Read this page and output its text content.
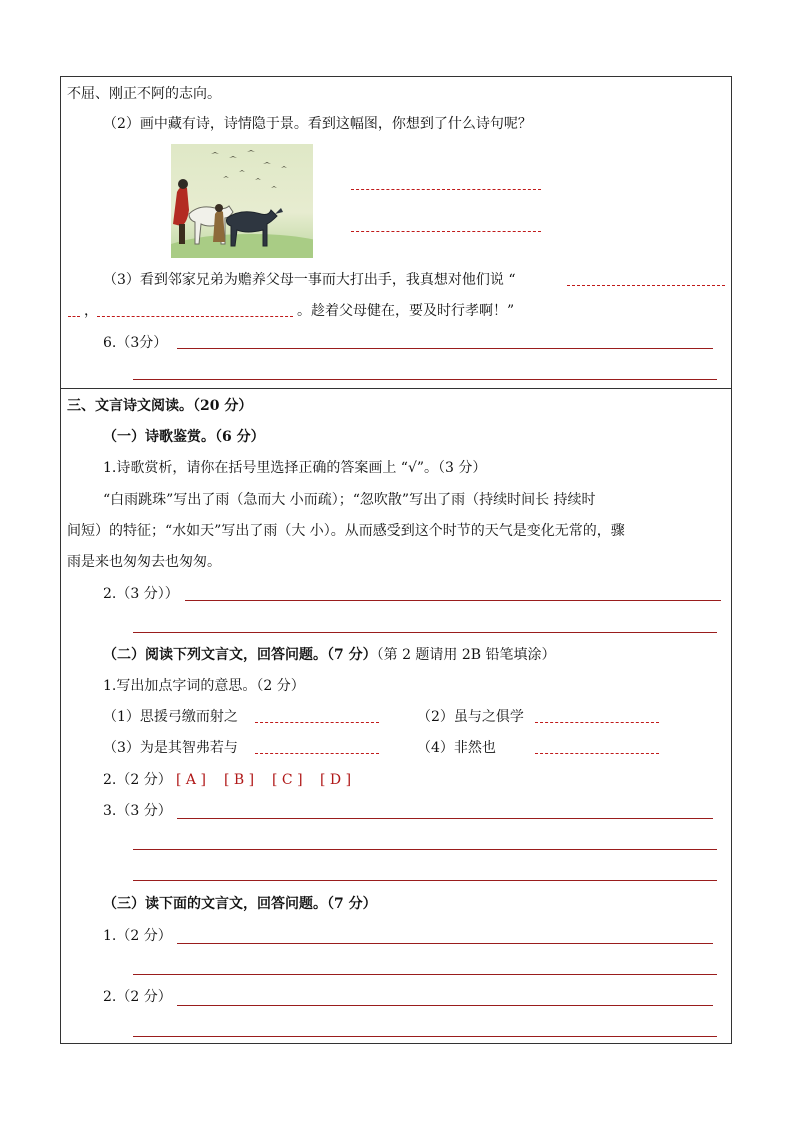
不屈、刚正不阿的志向。
（2）画中藏有诗，诗情隐于景。看到这幅图，你想到了什么诗句呢？
（3）看到邻家兄弟为赡养父母一事而大打出手，我真想对他们说 “
，	。趁着父母健在，要及时行孝啊！”
6.（3分）
三、文言诗文阅读。（20 分）
（一）诗歌鉴赏。（6 分）
1.诗歌赏析，请你在括号里选择正确的答案画上 “√”。（3 分）
“白雨跳珠”写出了雨（急而大 小而疏）；“忽吹散”写出了雨（持续时间长 持续时
间短）的特征；“水如天”写出了雨（大 小）。从而感受到这个时节的天气是变化无常的，骤
雨是来也匆匆去也匆匆。
2.（3 分））
（二）阅读下列文言文，回答问题。（7 分）（第 2 题请用 2B 铅笔填涂）
1.写出加点字词的意思。（2 分）
（1）思援弓缴而射之	（2）虽与之俱学
（3）为是其智弗若与	（4）非然也
2.（2 分） [ A ] [ B ] [ C ] [ D ]
3.（3 分）
（三）读下面的文言文，回答问题。（7 分）
1.（2 分）
2.（2 分）
